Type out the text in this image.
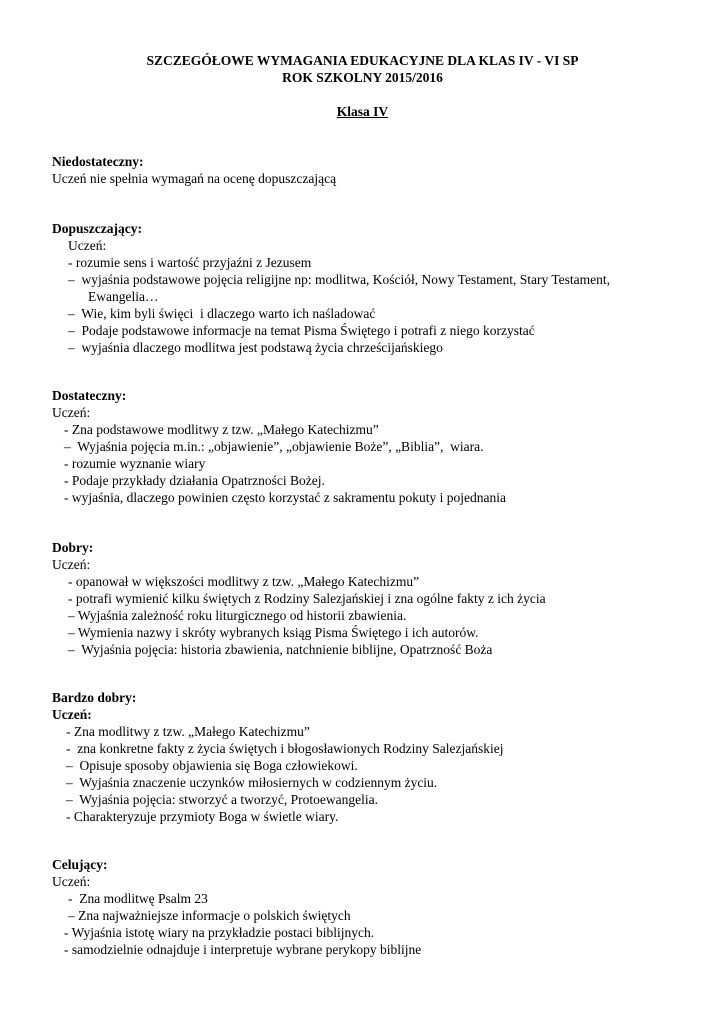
SZCZEGÓŁOWE WYMAGANIA EDUKACYJNE DLA KLAS IV - VI SP
ROK SZKOLNY 2015/2016
Klasa IV
Niedostateczny:
Uczeń nie spełnia wymagań na ocenę dopuszczającą
Dopuszczający:
Uczeń:
- rozumie sens i wartość przyjaźni z Jezusem
–  wyjaśnia podstawowe pojęcia religijne np: modlitwa, Kościół, Nowy Testament, Stary Testament,
Ewangelia…
–  Wie, kim byli święci  i dlaczego warto ich naśladować
–  Podaje podstawowe informacje na temat Pisma Świętego i potrafi z niego korzystać
–  wyjaśnia dlaczego modlitwa jest podstawą życia chrześcijańskiego
Dostateczny:
Uczeń:
- Zna podstawowe modlitwy z tzw. „Małego Katechizmu”
–  Wyjaśnia pojęcia m.in.: „objawienie”, „objawienie Boże”, „Biblia”,  wiara.
- rozumie wyznanie wiary
- Podaje przykłady działania Opatrzności Bożej.
- wyjaśnia, dlaczego powinien często korzystać z sakramentu pokuty i pojednania
Dobry:
Uczeń:
- opanował w większości modlitwy z tzw. „Małego Katechizmu”
- potrafi wymienić kilku świętych z Rodziny Salezjańskiej i zna ogólne fakty z ich życia
– Wyjaśnia zależność roku liturgicznego od historii zbawienia.
– Wymienia nazwy i skróty wybranych ksiąg Pisma Świętego i ich autorów.
–  Wyjaśnia pojęcia: historia zbawienia, natchnienie biblijne, Opatrzność Boża
Bardzo dobry:
Uczeń:
- Zna modlitwy z tzw. „Małego Katechizmu”
-  zna konkretne fakty z życia świętych i błogosławionych Rodziny Salezjańskiej
–  Opisuje sposoby objawienia się Boga człowiekowi.
–  Wyjaśnia znaczenie uczynków miłosiernych w codziennym życiu.
–  Wyjaśnia pojęcia: stworzyć a tworzyć, Protoewangelia.
- Charakteryzuje przymioty Boga w świetle wiary.
Celujący:
Uczeń:
-  Zna modlitwę Psalm 23
– Zna najważniejsze informacje o polskich świętych
- Wyjaśnia istotę wiary na przykładzie postaci biblijnych.
- samodzielnie odnajduje i interpretuje wybrane perykopy biblijne
